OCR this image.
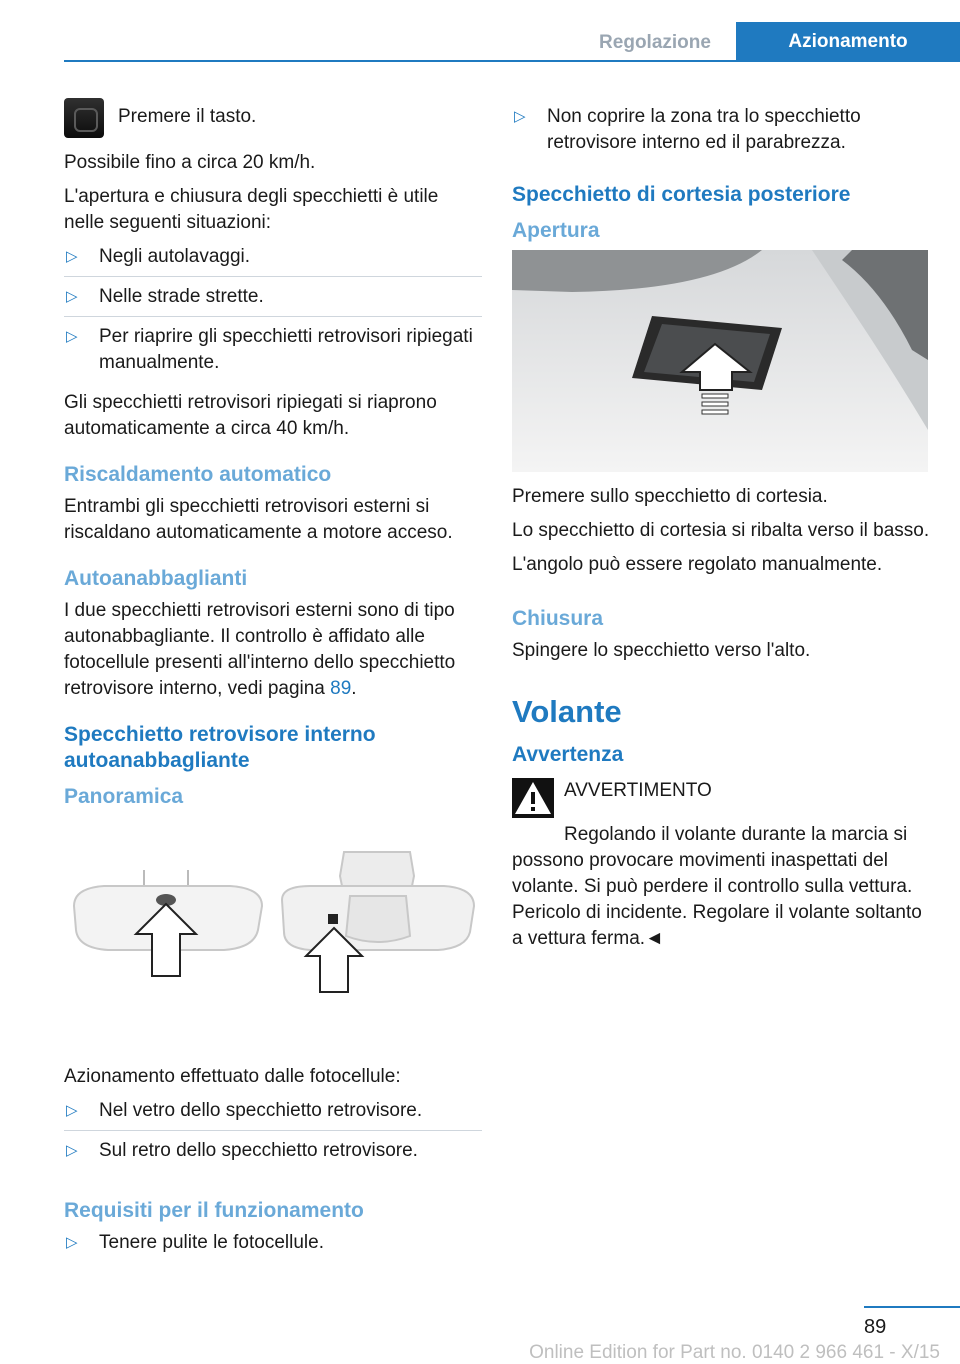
Regolazione	Azionamento
Premere il tasto.

Possibile fino a circa 20 km/h.

L'apertura e chiusura degli specchietti è utile nelle seguenti situazioni:

▷ Negli autolavaggi.
▷ Nelle strade strette.
▷ Per riaprire gli specchietti retrovisori ripiegati manualmente.

Gli specchietti retrovisori ripiegati si riaprono automaticamente a circa 40 km/h.

Riscaldamento automatico

Entrambi gli specchietti retrovisori esterni si riscaldano automaticamente a motore acceso.

Autoanabbaglianti

I due specchietti retrovisori esterni sono di tipo autonabbagliante. Il controllo è affidato alle fotocellule presenti all'interno dello specchietto retrovisore interno, vedi pagina 89.

Specchietto retrovisore interno autoanabbagliante
Panoramica

Azionamento effettuato dalle fotocellule:

▷ Nel vetro dello specchietto retrovisore.
▷ Sul retro dello specchietto retrovisore.
Requisiti per il funzionamento
▷ Tenere pulite le fotocellule.
▷ Non coprire la zona tra lo specchietto retrovisore interno ed il parabrezza.
Specchietto di cortesia posteriore
Apertura

Premere sullo specchietto di cortesia.

Lo specchietto di cortesia si ribalta verso il basso.

L'angolo può essere regolato manualmente.

Chiusura

Spingere lo specchietto verso l'alto.

Volante
Avvertenza
AVVERTIMENTO

Regolando il volante durante la marcia si possono provocare movimenti inaspettati del volante. Si può perdere il controllo sulla vettura. Pericolo di incidente. Regolare il volante soltanto a vettura ferma.◄

89
Online Edition for Part no. 0140 2 966 461 - X/15
